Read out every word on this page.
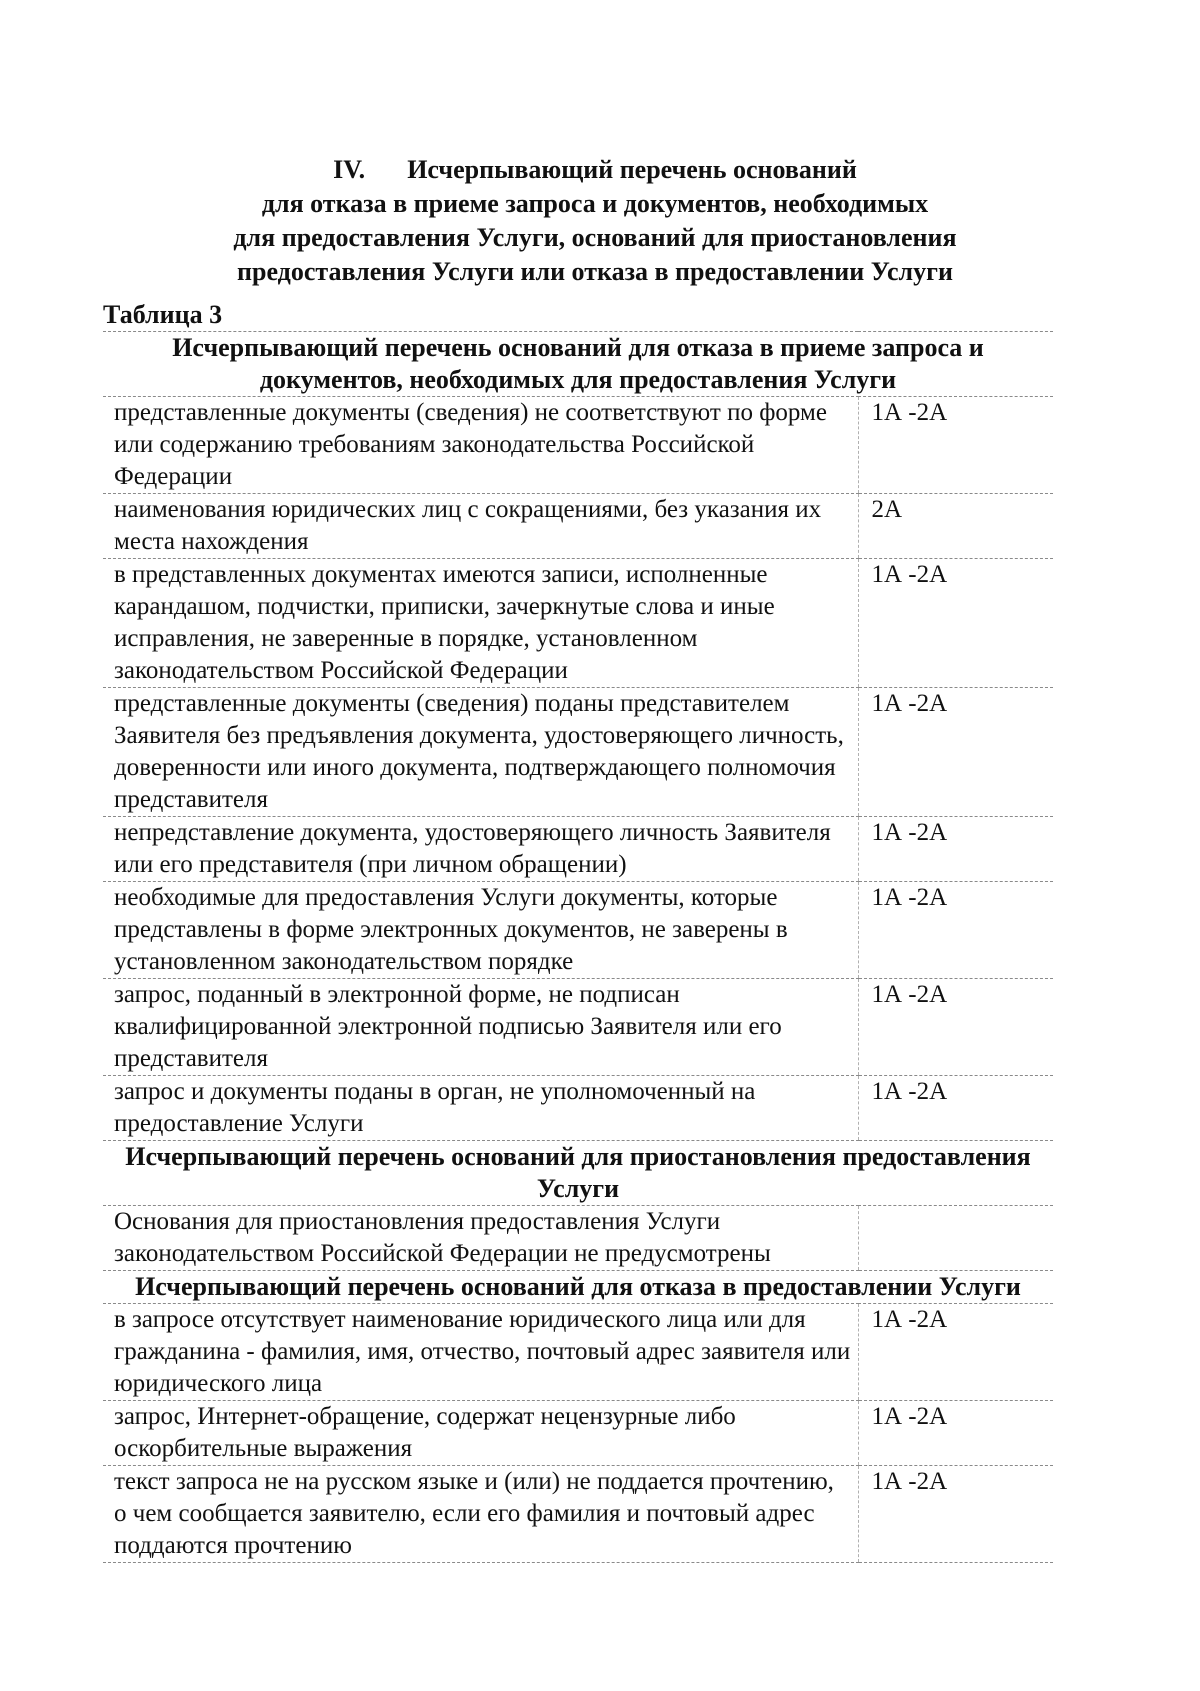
IV. Исчерпывающий перечень оснований
для отказа в приеме запроса и документов, необходимых
для предоставления Услуги, оснований для приостановления
предоставления Услуги или отказа в предоставлении Услуги
Таблица 3
Исчерпывающий перечень оснований для отказа в приеме запроса и документов, необходимых для предоставления Услуги	
представленные документы (сведения) не соответствуют по форме или содержанию требованиям законодательства Российской Федерации	1А -2А
наименования юридических лиц с сокращениями, без указания их места нахождения	2А
в представленных документах имеются записи, исполненные карандашом, подчистки, приписки, зачеркнутые слова и иные исправления, не заверенные в порядке, установленном законодательством Российской Федерации	1А -2А
представленные документы (сведения) поданы представителем Заявителя без предъявления документа, удостоверяющего личность, доверенности или иного документа, подтверждающего полномочия представителя	1А -2А
непредставление документа, удостоверяющего личность Заявителя или его представителя (при личном обращении)	1А -2А
необходимые для предоставления Услуги документы, которые представлены в форме электронных документов, не заверены в установленном законодательством порядке	1А -2А
запрос, поданный в электронной форме, не подписан квалифицированной электронной подписью Заявителя или его представителя	1А -2А
запрос и документы поданы в орган, не уполномоченный на предоставление Услуги	1А -2А
Исчерпывающий перечень оснований для приостановления предоставления Услуги	
Основания для приостановления предоставления Услуги законодательством Российской Федерации не предусмотрены	
Исчерпывающий перечень оснований для отказа в предоставлении Услуги	
в запросе отсутствует наименование юридического лица или для гражданина - фамилия, имя, отчество, почтовый адрес заявителя или юридического лица	1А -2А
запрос, Интернет-обращение, содержат нецензурные либо оскорбительные выражения	1А -2А
текст запроса не на русском языке и (или) не поддается прочтению, о чем сообщается заявителю, если его фамилия и почтовый адрес поддаются прочтению	1А -2А
